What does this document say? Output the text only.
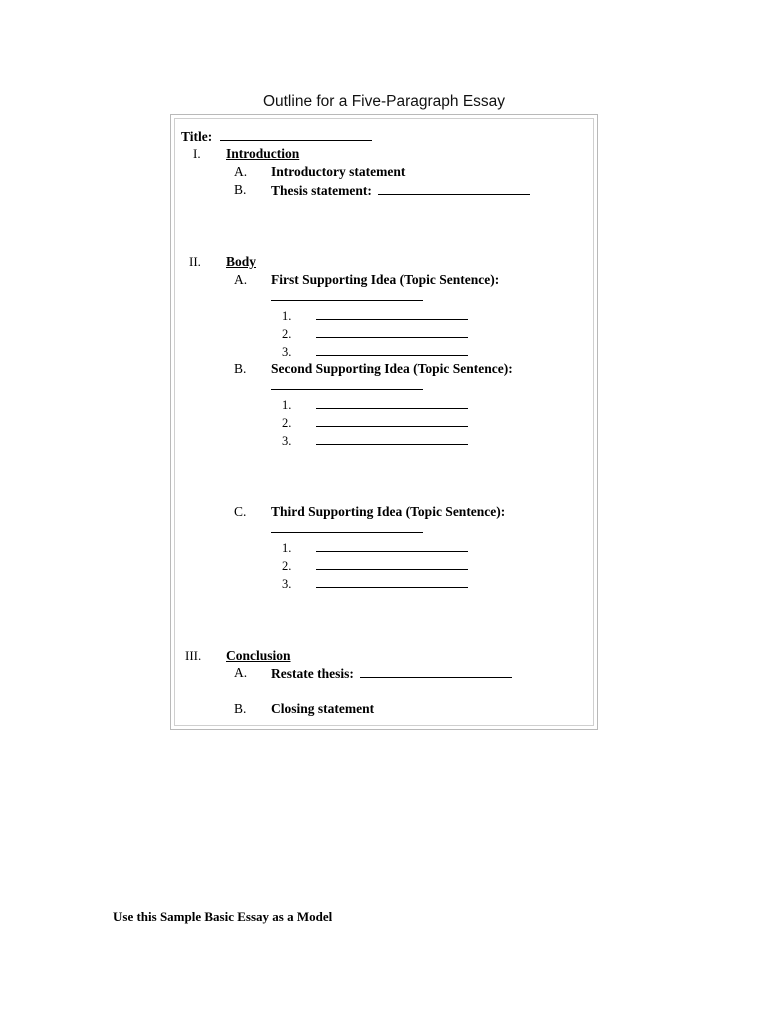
Outline for a Five-Paragraph Essay
Title:
I. Introduction
A. Introductory statement
B. Thesis statement:
II. Body
A. First Supporting Idea (Topic Sentence):
1.
2.
3.
B. Second Supporting Idea (Topic Sentence):
1.
2.
3.
C. Third Supporting Idea (Topic Sentence):
1.
2.
3.
III. Conclusion
A. Restate thesis:
B. Closing statement
Use this Sample Basic Essay as a Model
